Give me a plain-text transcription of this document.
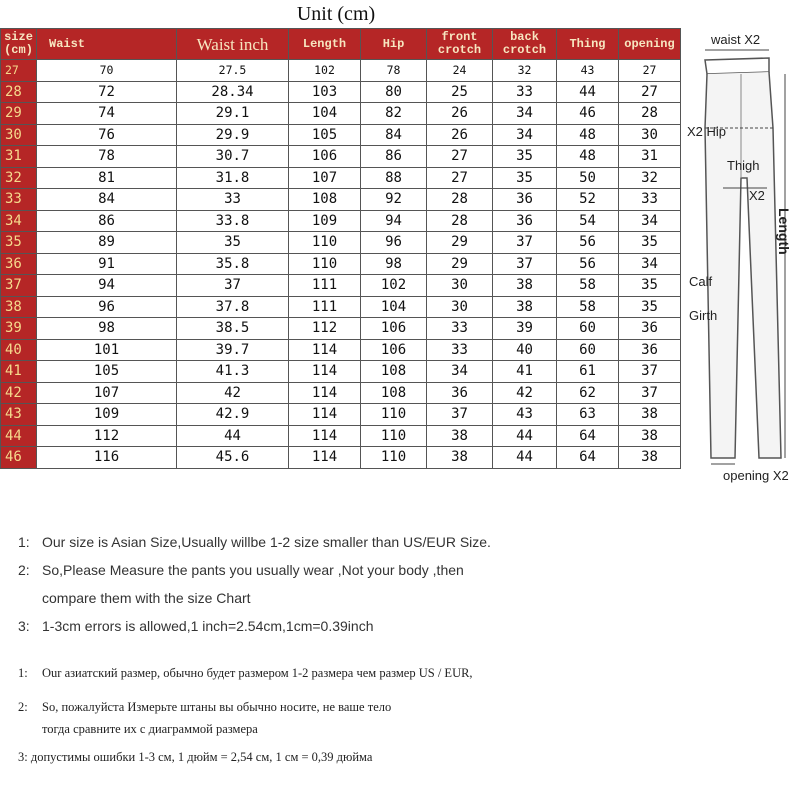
Unit (cm)
size (cm)	Waist	Waist inch	Length	Hip	front crotch	back crotch	Thing	opening
27	70	27.5	102	78	24	32	43	27
28	72	28.34	103	80	25	33	44	27
29	74	29.1	104	82	26	34	46	28
30	76	29.9	105	84	26	34	48	30
31	78	30.7	106	86	27	35	48	31
32	81	31.8	107	88	27	35	50	32
33	84	33	108	92	28	36	52	33
34	86	33.8	109	94	28	36	54	34
35	89	35	110	96	29	37	56	35
36	91	35.8	110	98	29	37	56	34
37	94	37	111	102	30	38	58	35
38	96	37.8	111	104	30	38	58	35
39	98	38.5	112	106	33	39	60	36
40	101	39.7	114	106	33	40	60	36
41	105	41.3	114	108	34	41	61	37
42	107	42	114	108	36	42	62	37
43	109	42.9	114	110	37	43	63	38
44	112	44	114	110	38	44	64	38
46	116	45.6	114	110	38	44	64	38
waist X2
X2 Hip
Thigh
X2
Length
Calf
Girth
opening X2

1: Our size is Asian Size,Usually willbe 1-2 size smaller than US/EUR Size.

2: So,Please Measure the pants you usually wear ,Not your body ,then

compare them with the size Chart

3: 1-3cm errors is allowed,1 inch=2.54cm,1cm=0.39inch

1: Our азиатский размер, обычно будет размером 1-2 размера чем размер US / EUR,

2: So, пожалуйста Измерьте штаны вы обычно носите, не ваше тело

тогда сравните их с диаграммой размера

3: допустимы ошибки 1-3 см, 1 дюйм = 2,54 см, 1 см = 0,39 дюйма
